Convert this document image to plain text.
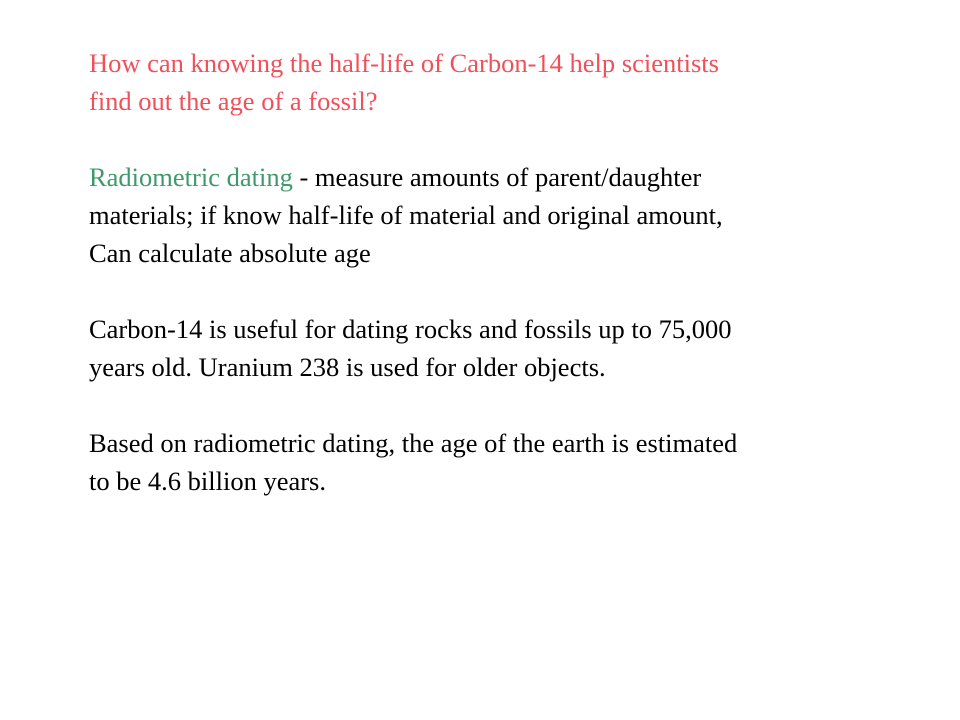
How can knowing the half-life of Carbon-14 help scientists
find out the age of a fossil?

Radiometric dating - measure amounts of parent/daughter
materials; if know half-life of material and original amount,
Can calculate absolute age

Carbon-14 is useful for dating rocks and fossils up to 75,000
years old. Uranium 238 is used for older objects.

Based on radiometric dating, the age of the earth is estimated
to be 4.6 billion years.
